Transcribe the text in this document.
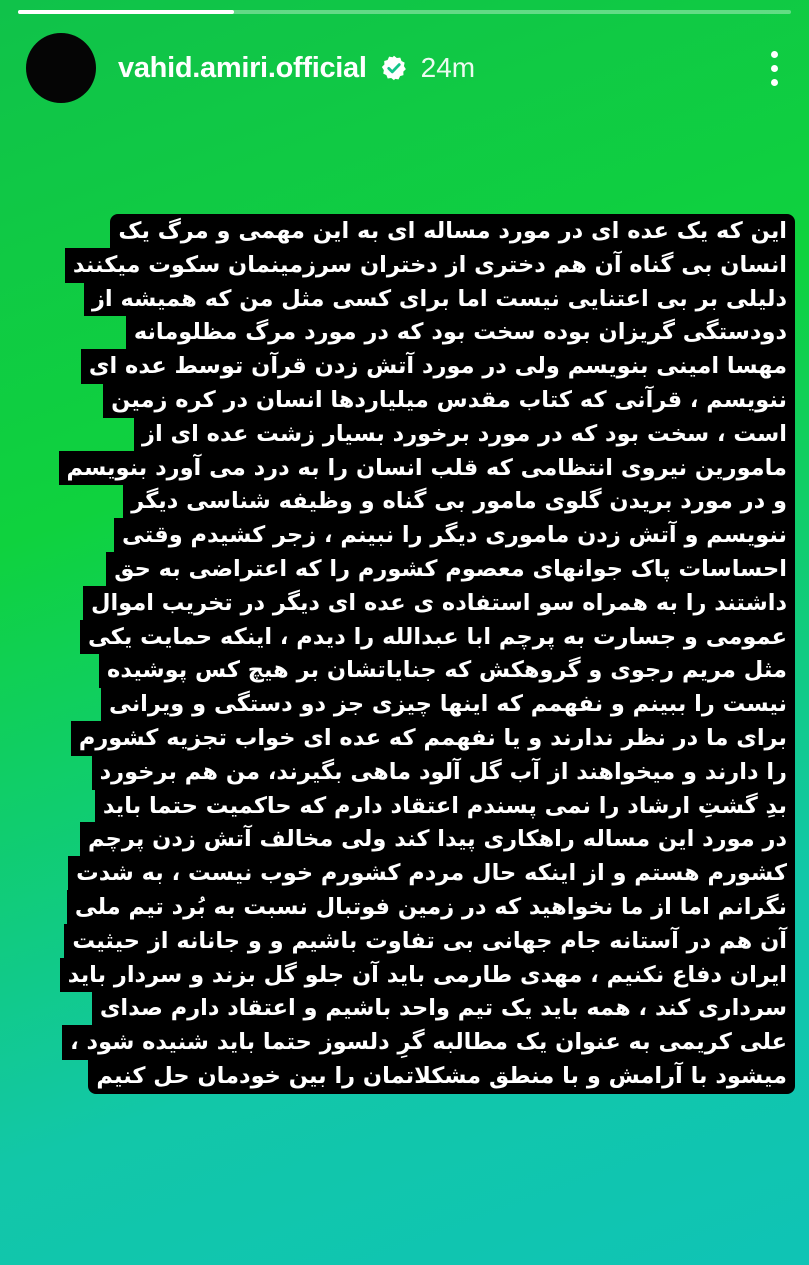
vahid.amiri.official 24m
این که یک عده ای در مورد مساله ای به این مهمی و مرگ یک
انسان بی گناه آن هم دختری از دختران سرزمینمان سکوت میکنند
دلیلی بر بی اعتنایی نیست اما برای کسی مثل من که همیشه از
دودستگی گریزان بوده سخت بود که در مورد مرگ مظلومانه
مهسا امینی بنویسم ولی در مورد آتش زدن قرآن توسط عده ای
ننویسم ، قرآنی که کتاب مقدس میلیاردها انسان در کره زمین
است ، سخت بود که در مورد برخورد بسیار زشت عده ای از
مامورین نیروی انتظامی که قلب انسان را به درد می آورد بنویسم
و در مورد بریدن گلوی مامور بی گناه و وظیفه شناسی دیگر
ننویسم و آتش زدن ماموری دیگر را نبینم ، زجر کشیدم وقتی
احساسات پاک جوانهای معصوم کشورم را که اعتراضی به حق
داشتند را به همراه سو استفاده ی عده ای دیگر در تخریب اموال
عمومی و جسارت به پرچم ابا عبدالله را دیدم ، اینکه حمایت یکی
مثل مریم رجوی و گروهکش که جنایاتشان بر هیچ کس پوشیده
نیست را ببینم و نفهمم که اینها چیزی جز دو دستگی و ویرانی
برای ما در نظر ندارند و یا نفهمم که عده ای خواب تجزیه کشورم
را دارند و میخواهند از آب گل آلود ماهی بگیرند، من هم برخورد
بدِ گشتِ ارشاد را نمی پسندم اعتقاد دارم که حاکمیت حتما باید
در مورد این مساله راهکاری پیدا کند ولی مخالف آتش زدن پرچم
کشورم هستم و از اینکه حال مردم کشورم خوب نیست ، به شدت
نگرانم اما از ما نخواهید که در زمین فوتبال نسبت به بُرد تیم ملی
آن هم در آستانه جام جهانی بی تفاوت باشیم و و جانانه از حیثیت
ایران دفاع نکنیم ، مهدی طارمی باید آن جلو گل بزند و سردار باید
سرداری کند ، همه باید یک تیم واحد باشیم و اعتقاد دارم صدای
علی کریمی به عنوان یک مطالبه گرِ دلسوز حتما باید شنیده شود ،
میشود با آرامش و با منطق مشکلاتمان را بین خودمان حل کنیم
